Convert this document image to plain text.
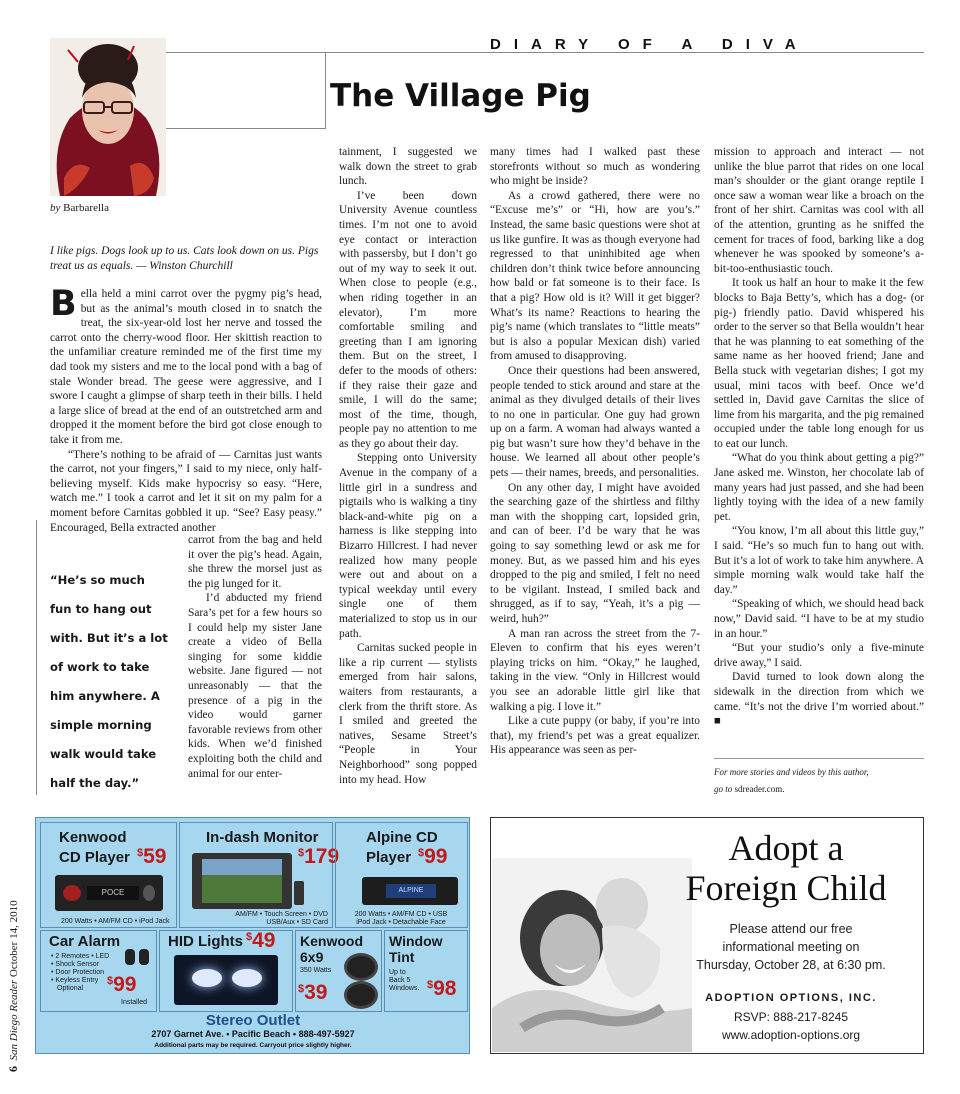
DIARY OF A DIVA
The Village Pig
by Barbarella
I like pigs. Dogs look up to us. Cats look down on us. Pigs treat us as equals. — Winston Churchill

Bella held a mini carrot over the pygmy pig’s head, but as the animal’s mouth closed in to snatch the treat, the six-year-old lost her nerve and tossed the carrot onto the cherry-wood floor. Her skittish reaction to the unfamiliar creature reminded me of the first time my dad took my sisters and me to the local pond with a bag of stale Wonder bread. The geese were aggressive, and I swore I caught a glimpse of sharp teeth in their bills. I held a large slice of bread at the end of an outstretched arm and dropped it the moment before the bird got close enough to take it from me.

“There’s nothing to be afraid of — Carnitas just wants the carrot, not your fingers,” I said to my niece, only half-believing myself. Kids make hypocrisy so easy. “Here, watch me.” I took a carrot and let it sit on my palm for a moment before Carnitas gobbled it up. “See? Easy peasy.” Encouraged, Bella extracted another

“He’s so much
fun to hang out
with. But it’s a lot
of work to take
him anywhere. A
simple morning
walk would take
half the day.”

carrot from the bag and held it over the pig’s head. Again, she threw the morsel just as the pig lunged for it.

I’d abducted my friend Sara’s pet for a few hours so I could help my sister Jane create a video of Bella singing for some kiddie website. Jane figured — not unreasonably — that the presence of a pig in the video would garner favorable reviews from other kids. When we’d finished exploiting both the child and animal for our enter-

tainment, I suggested we walk down the street to grab lunch.

I’ve been down University Avenue countless times. I’m not one to avoid eye contact or interaction with passersby, but I don’t go out of my way to seek it out. When close to people (e.g., when riding together in an elevator), I’m more comfortable smiling and greeting than I am ignoring them. But on the street, I defer to the moods of others: if they raise their gaze and smile, I will do the same; most of the time, though, people pay no attention to me as they go about their day.

Stepping onto University Avenue in the company of a little girl in a sundress and pigtails who is walking a tiny black-and-white pig on a harness is like stepping into Bizarro Hillcrest. I had never realized how many people were out and about on a typical weekday until every single one of them materialized to stop us in our path.

Carnitas sucked people in like a rip current — stylists emerged from hair salons, waiters from restaurants, a clerk from the thrift store. As I smiled and greeted the natives, Sesame Street’s “People in Your Neighborhood” song popped into my head. How

many times had I walked past these storefronts without so much as wondering who might be inside?

As a crowd gathered, there were no “Excuse me’s” or “Hi, how are you’s.” Instead, the same basic questions were shot at us like gunfire. It was as though everyone had regressed to that uninhibited age when children don’t think twice before announcing how bald or fat someone is to their face. Is that a pig? How old is it? Will it get bigger? What’s its name? Reactions to hearing the pig’s name (which translates to “little meats” but is also a popular Mexican dish) varied from amused to disapproving.

Once their questions had been answered, people tended to stick around and stare at the animal as they divulged details of their lives to no one in particular. One guy had grown up on a farm. A woman had always wanted a pig but wasn’t sure how they’d behave in the house. We learned all about other people’s pets — their names, breeds, and personalities.

On any other day, I might have avoided the searching gaze of the shirtless and filthy man with the shopping cart, lopsided grin, and can of beer. I’d be wary that he was going to say something lewd or ask me for money. But, as we passed him and his eyes dropped to the pig and smiled, I felt no need to be vigilant. Instead, I smiled back and shrugged, as if to say, “Yeah, it’s a pig — weird, huh?”

A man ran across the street from the 7-Eleven to confirm that his eyes weren’t playing tricks on him. “Okay,” he laughed, taking in the view. “Only in Hillcrest would you see an adorable little girl like that walking a pig. I love it.”

Like a cute puppy (or baby, if you’re into that), my friend’s pet was a great equalizer. His appearance was seen as per-

mission to approach and interact — not unlike the blue parrot that rides on one local man’s shoulder or the giant orange reptile I once saw a woman wear like a broach on the front of her shirt. Carnitas was cool with all of the attention, grunting as he sniffed the cement for traces of food, barking like a dog whenever he was spooked by someone’s a-bit-too-enthusiastic touch.

It took us half an hour to make it the few blocks to Baja Betty’s, which has a dog- (or pig-) friendly patio. David whispered his order to the server so that Bella wouldn’t hear that he was planning to eat something of the same name as her hooved friend; Jane and Bella stuck with vegetarian dishes; I got my usual, mini tacos with beef. Once we’d settled in, David gave Carnitas the slice of lime from his margarita, and the pig remained occupied under the table long enough for us to eat our lunch.

“What do you think about getting a pig?” Jane asked me. Winston, her chocolate lab of many years had just passed, and she had been lightly toying with the idea of a new family pet.

“You know, I’m all about this little guy,” I said. “He’s so much fun to hang out with. But it’s a lot of work to take him anywhere. A simple morning walk would take half the day.”

“Speaking of which, we should head back now,” David said. “I have to be at my studio in an hour.”

“But your studio’s only a five-minute drive away,” I said.

David turned to look down along the sidewalk in the direction from which we came. “It’s not the drive I’m worried about.” ■

For more stories and videos by this author,
go to sdreader.com.
6  San Diego Reader October 14, 2010
Kenwood
CD Player $59
POCE
200 Watts • AM/FM CD • iPod Jack
In-dash Monitor
$179
AM/FM • Touch Screen • DVD
USB/Aux • SD Card
Alpine CD
Player $99
ALPINE
200 Watts • AM/FM CD • USB
iPod Jack • Detachable Face
Car Alarm
• 2 Remotes • LED
• Shock Sensor
• Door Protection
• Keyless Entry
Optional
$99
Installed
HID Lights $49 Kenwood
6x9
350 Watts
$39
Window
Tint
Up to
Back 5
Windows. $98
Stereo Outlet
2707 Garnet Ave. • Pacific Beach • 888-497-5927
Additional parts may be required. Carryout price slightly higher.
Adopt a
Foreign Child
Please attend our free
informational meeting on
Thursday, October 28, at 6:30 pm.
ADOPTION OPTIONS, INC.
RSVP: 888-217-8245
www.adoption-options.org
